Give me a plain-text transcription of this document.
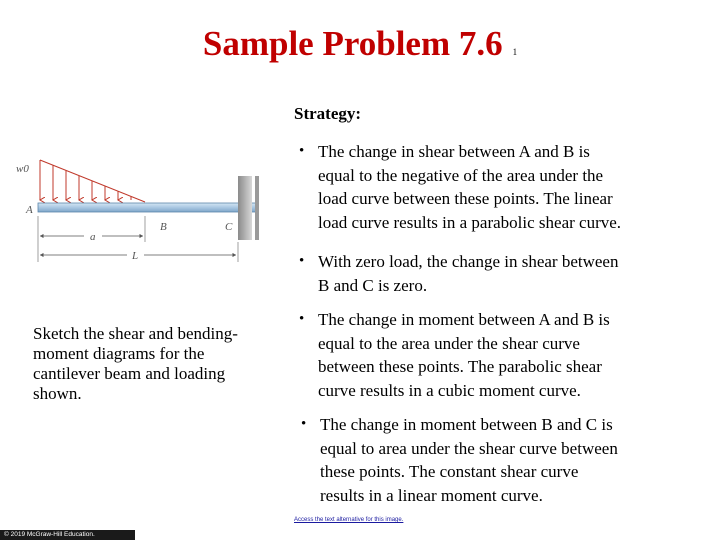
Sample Problem 7.6 1
Strategy:
• The change in shear between A and B is
equal to the negative of the area under the
load curve between these points. The linear
load curve results in a parabolic shear curve.
• With zero load, the change in shear between
B and C is zero.
• The change in moment between A and B is
equal to the area under the shear curve
between these points. The parabolic shear
curve results in a cubic moment curve.
• The change in moment between B and C is
equal to area under the shear curve between
these points. The constant shear curve
results in a linear moment curve.
Sketch the shear and bending-
moment diagrams for the
cantilever beam and loading
shown.
w0
A
B	C
a
L
Access the text alternative for this image.
© 2019 McGraw-Hill Education.
